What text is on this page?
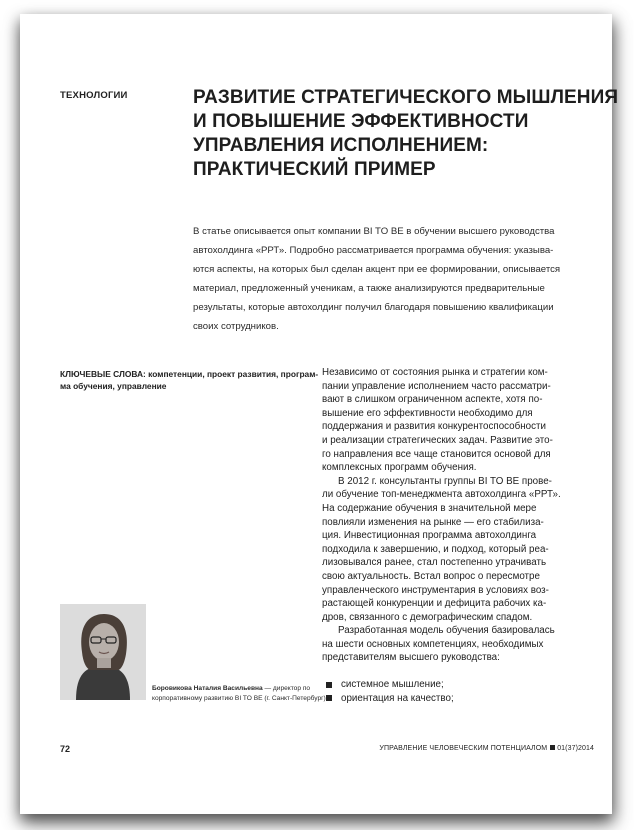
ТЕХНОЛОГИИ	РАЗВИТИЕ СТРАТЕГИЧЕСКОГО МЫШЛЕНИЯ
И ПОВЫШЕНИЕ ЭФФЕКТИВНОСТИ
УПРАВЛЕНИЯ ИСПОЛНЕНИЕМ:
ПРАКТИЧЕСКИЙ ПРИМЕР
В статье описывается опыт компании BI TO BE в обучении высшего руководства
автохолдинга «РРТ». Подробно рассматривается программа обучения: указыва-
ются аспекты, на которых был сделан акцент при ее формировании, описывается
материал, предложенный ученикам, а также анализируются предварительные
результаты, которые автохолдинг получил благодаря повышению квалификации
своих сотрудников.
КЛЮЧЕВЫЕ СЛОВА: компетенции, проект развития, програм-
ма обучения, управление
Независимо от состояния рынка и стратегии ком-
пании управление исполнением часто рассматри-
вают в слишком ограниченном аспекте, хотя по-
вышение его эффективности необходимо для
поддержания и развития конкурентоспособности
и реализации стратегических задач. Развитие это-
го направления все чаще становится основой для
комплексных программ обучения.
В 2012 г. консультанты группы BI TO BE прове-
ли обучение топ-менеджмента автохолдинга «РРТ».
На содержание обучения в значительной мере
повлияли изменения на рынке — его стабилиза-
ция. Инвестиционная программа автохолдинга
подходила к завершению, и подход, который реа-
лизовывался ранее, стал постепенно утрачивать
свою актуальность. Встал вопрос о пересмотре
управленческого инструментария в условиях воз-
растающей конкуренции и дефицита рабочих ка-
дров, связанного с демографическим спадом.
Разработанная модель обучения базировалась
на шести основных компетенциях, необходимых
представителям высшего руководства:
системное мышление;
ориентация на качество;
Боровикова Наталия Васильевна — директор по
корпоративному развитию BI TO BE (г. Санкт-Петербург)
72	УПРАВЛЕНИЕ ЧЕЛОВЕЧЕСКИМ ПОТЕНЦИАЛОМ 01(37)2014
